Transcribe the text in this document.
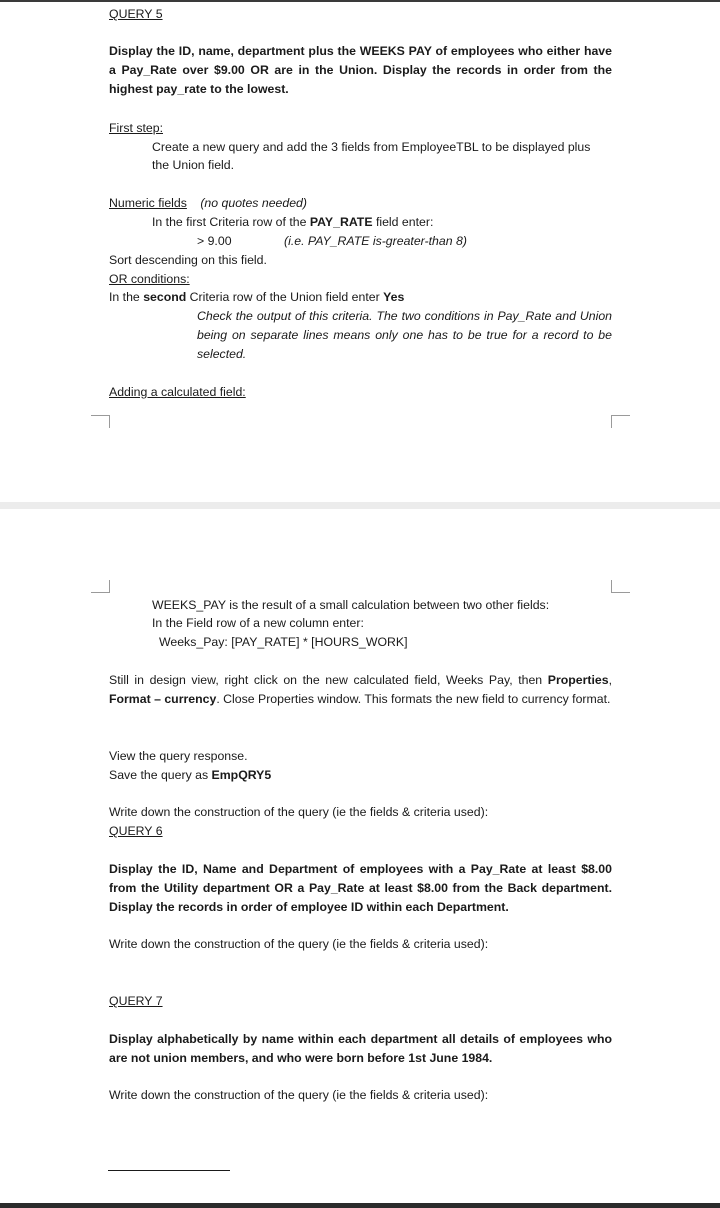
QUERY 5
Display the ID, name, department plus the WEEKS PAY of employees who either have a Pay_Rate over $9.00 OR are in the Union. Display the records in order from the highest pay_rate to the lowest.
First step:
Create a new query and add the 3 fields from EmployeeTBL to be displayed plus
the Union field.
Numeric fields (no quotes needed)
In the first Criteria row of the PAY_RATE field enter:
> 9.00	(i.e. PAY_RATE is-greater-than 8)
Sort descending on this field.
OR conditions:
In the second Criteria row of the Union field enter Yes
Check the output of this criteria. The two conditions in Pay_Rate and Union being on separate lines means only one has to be true for a record to be selected.
Adding a calculated field:
WEEKS_PAY is the result of a small calculation between two other fields:
In the Field row of a new column enter:
Weeks_Pay: [PAY_RATE] * [HOURS_WORK]
Still in design view, right click on the new calculated field, Weeks Pay, then Properties, Format – currency. Close Properties window. This formats the new field to currency format.
View the query response.
Save the query as EmpQRY5
Write down the construction of the query (ie the fields & criteria used):
QUERY 6
Display the ID, Name and Department of employees with a Pay_Rate at least $8.00 from the Utility department OR a Pay_Rate at least $8.00 from the Back department. Display the records in order of employee ID within each Department.
Write down the construction of the query (ie the fields & criteria used):
QUERY 7
Display alphabetically by name within each department all details of employees who are not union members, and who were born before 1st June 1984.
Write down the construction of the query (ie the fields & criteria used):
